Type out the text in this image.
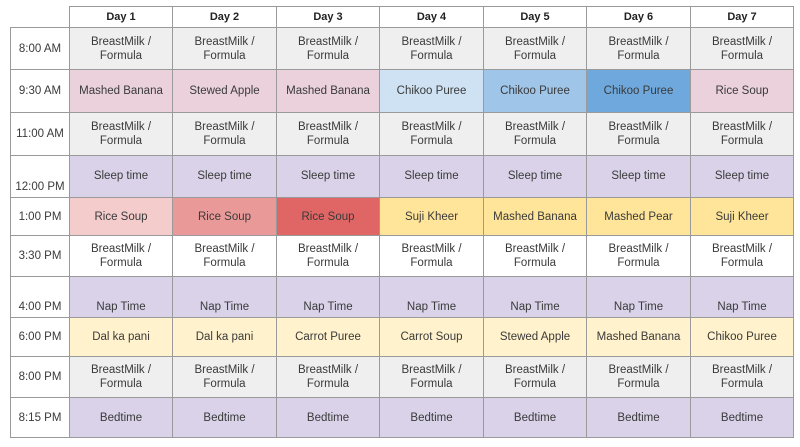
	Day 1	Day 2	Day 3	Day 4	Day 5	Day 6	Day 7
8:00 AM	BreastMilk / Formula	BreastMilk / Formula	BreastMilk / Formula	BreastMilk / Formula	BreastMilk / Formula	BreastMilk / Formula	BreastMilk / Formula
9:30 AM	Mashed Banana	Stewed Apple	Mashed Banana	Chikoo Puree	Chikoo Puree	Chikoo Puree	Rice Soup
11:00 AM	BreastMilk / Formula	BreastMilk / Formula	BreastMilk / Formula	BreastMilk / Formula	BreastMilk / Formula	BreastMilk / Formula	BreastMilk / Formula
12:00 PM	Sleep time	Sleep time	Sleep time	Sleep time	Sleep time	Sleep time	Sleep time
1:00 PM	Rice Soup	Rice Soup	Rice Soup	Suji Kheer	Mashed Banana	Mashed Pear	Suji Kheer
3:30 PM	BreastMilk / Formula	BreastMilk / Formula	BreastMilk / Formula	BreastMilk / Formula	BreastMilk / Formula	BreastMilk / Formula	BreastMilk / Formula
4:00 PM	Nap Time	Nap Time	Nap Time	Nap Time	Nap Time	Nap Time	Nap Time
6:00 PM	Dal ka pani	Dal ka pani	Carrot Puree	Carrot Soup	Stewed Apple	Mashed Banana	Chikoo Puree
8:00 PM	BreastMilk / Formula	BreastMilk / Formula	BreastMilk / Formula	BreastMilk / Formula	BreastMilk / Formula	BreastMilk / Formula	BreastMilk / Formula
8:15 PM	Bedtime	Bedtime	Bedtime	Bedtime	Bedtime	Bedtime	Bedtime
